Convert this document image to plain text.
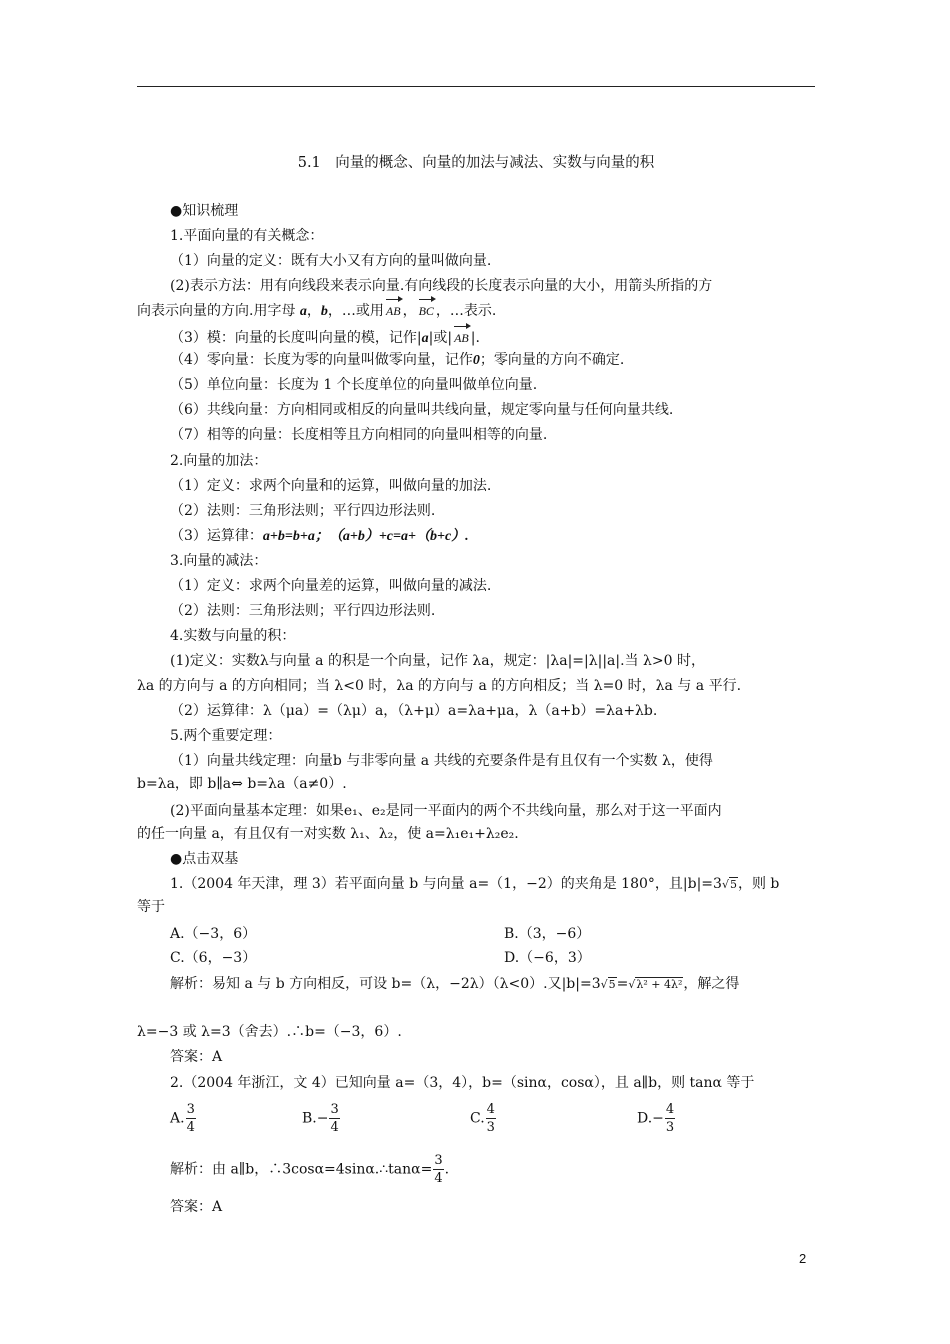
5.1　向量的概念、向量的加法与减法、实数与向量的积
●知识梳理
1.平面向量的有关概念：
（1）向量的定义：既有大小又有方向的量叫做向量.
(2)表示方法：用有向线段来表示向量.有向线段的长度表示向量的大小，用箭头所指的方
向表示向量的方向.用字母 a，b，…或用 AB ， BC ，…表示.
（3）模：向量的长度叫向量的模，记作|a|或| AB |.
（4）零向量：长度为零的向量叫做零向量，记作0；零向量的方向不确定.
（5）单位向量：长度为 1 个长度单位的向量叫做单位向量.
（6）共线向量：方向相同或相反的向量叫共线向量，规定零向量与任何向量共线.
（7）相等的向量：长度相等且方向相同的向量叫相等的向量.
2.向量的加法：
（1）定义：求两个向量和的运算，叫做向量的加法.
（2）法则：三角形法则；平行四边形法则.
（3）运算律：a+b=b+a；（a+b）+c=a+（b+c）.
3.向量的减法：
（1）定义：求两个向量差的运算，叫做向量的减法.
（2）法则：三角形法则；平行四边形法则.
4.实数与向量的积：
(1)定义：实数λ与向量 a 的积是一个向量，记作 λa，规定：|λa|=|λ||a|.当 λ>0 时，
λa 的方向与 a 的方向相同；当 λ<0 时，λa 的方向与 a 的方向相反；当 λ=0 时，λa 与 a 平行.
（2）运算律：λ（μa）=（λμ）a，（λ+μ）a=λa+μa，λ（a+b）=λa+λb.
5.两个重要定理：
（1）向量共线定理：向量b 与非零向量 a 共线的充要条件是有且仅有一个实数 λ，使得
b=λa，即 b∥a⇔ b=λa（a≠0）.
(2)平面向量基本定理：如果e₁、e₂是同一平面内的两个不共线向量，那么对于这一平面内
的任一向量 a，有且仅有一对实数 λ₁、λ₂，使 a=λ₁e₁+λ₂e₂.
●点击双基
1.（2004 年天津，理 3）若平面向量 b 与向量 a=（1，−2）的夹角是 180°，且|b|=3√5，则 b
等于
A.（−3，6）	B.（3，−6）
C.（6，−3）	D.（−6，3）
解析：易知 a 与 b 方向相反，可设 b=（λ，−2λ）（λ<0）.又|b|=3√5=√λ² + 4λ²，解之得
λ=−3 或 λ=3（舍去）.∴b=（−3，6）.
答案：A
2.（2004 年浙江，文 4）已知向量 a=（3，4），b=（sinα，cosα），且 a∥b，则 tanα 等于
A. $\frac{3}{4}$	$B.- \frac{3}{4}$	C. $\frac{4}{3}$	$D.- \frac{4}{3}$
解析：由 a∥b，∴3cosα=4sinα.∴tanα= $\frac{3}{4}$ .
答案：A
2
